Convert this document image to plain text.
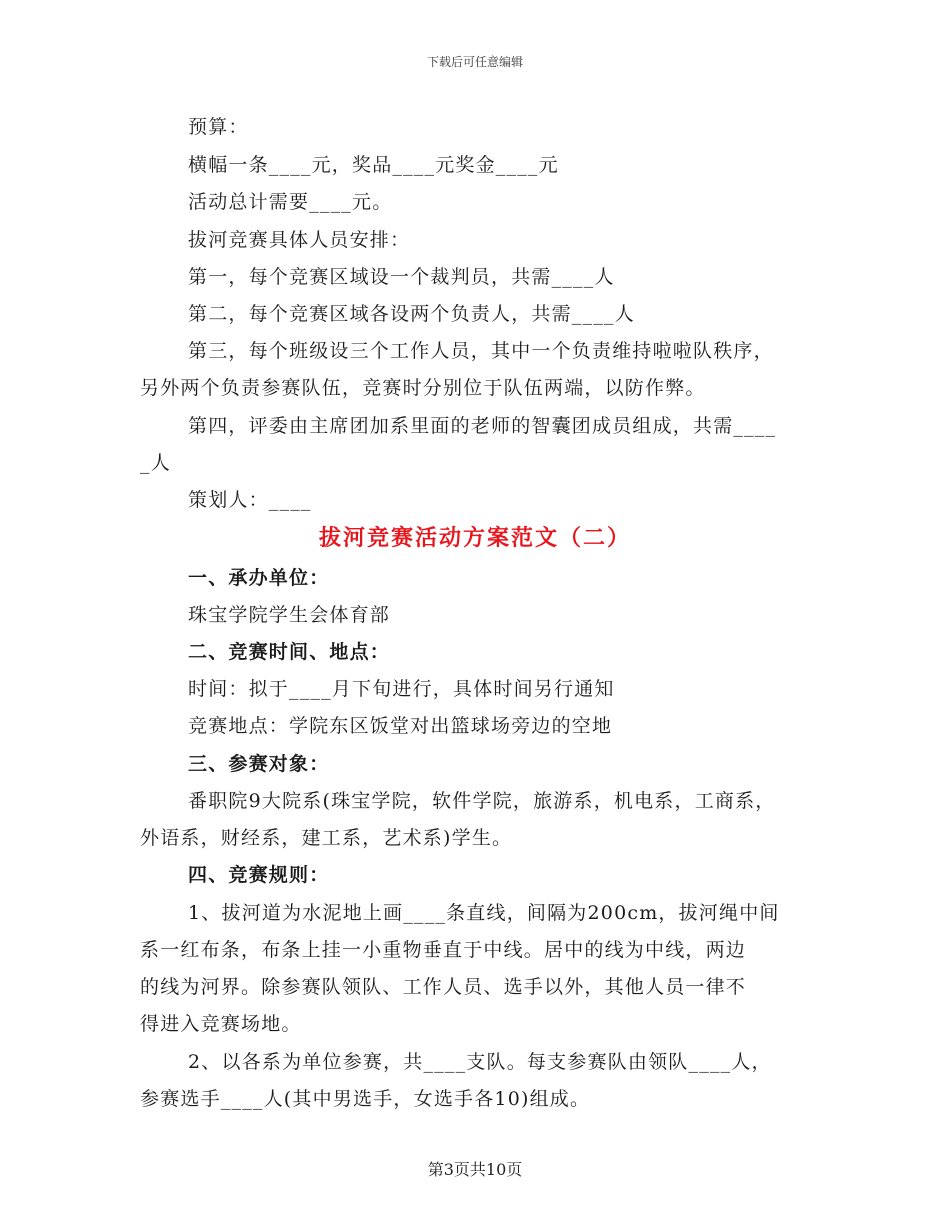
下载后可任意编辑
预算：
横幅一条____元，奖品____元奖金____元
活动总计需要____元。
拔河竞赛具体人员安排：
第一，每个竞赛区域设一个裁判员，共需____人
第二，每个竞赛区域各设两个负责人，共需____人
第三，每个班级设三个工作人员，其中一个负责维持啦啦队秩序，
另外两个负责参赛队伍，竞赛时分别位于队伍两端，以防作弊。
第四，评委由主席团加系里面的老师的智囊团成员组成，共需____
_人
策划人：____
拔河竞赛活动方案范文（二）
一、承办单位：
珠宝学院学生会体育部
二、竞赛时间、地点：
时间：拟于____月下旬进行，具体时间另行通知
竞赛地点：学院东区饭堂对出篮球场旁边的空地
三、参赛对象：
番职院9大院系(珠宝学院，软件学院，旅游系，机电系，工商系，
外语系，财经系，建工系，艺术系)学生。
四、竞赛规则：
1、拔河道为水泥地上画____条直线，间隔为200cm，拔河绳中间
系一红布条，布条上挂一小重物垂直于中线。居中的线为中线，两边
的线为河界。除参赛队领队、工作人员、选手以外，其他人员一律不
得进入竞赛场地。
2、以各系为单位参赛，共____支队。每支参赛队由领队____人，
参赛选手____人(其中男选手，女选手各10)组成。
第3页共10页
